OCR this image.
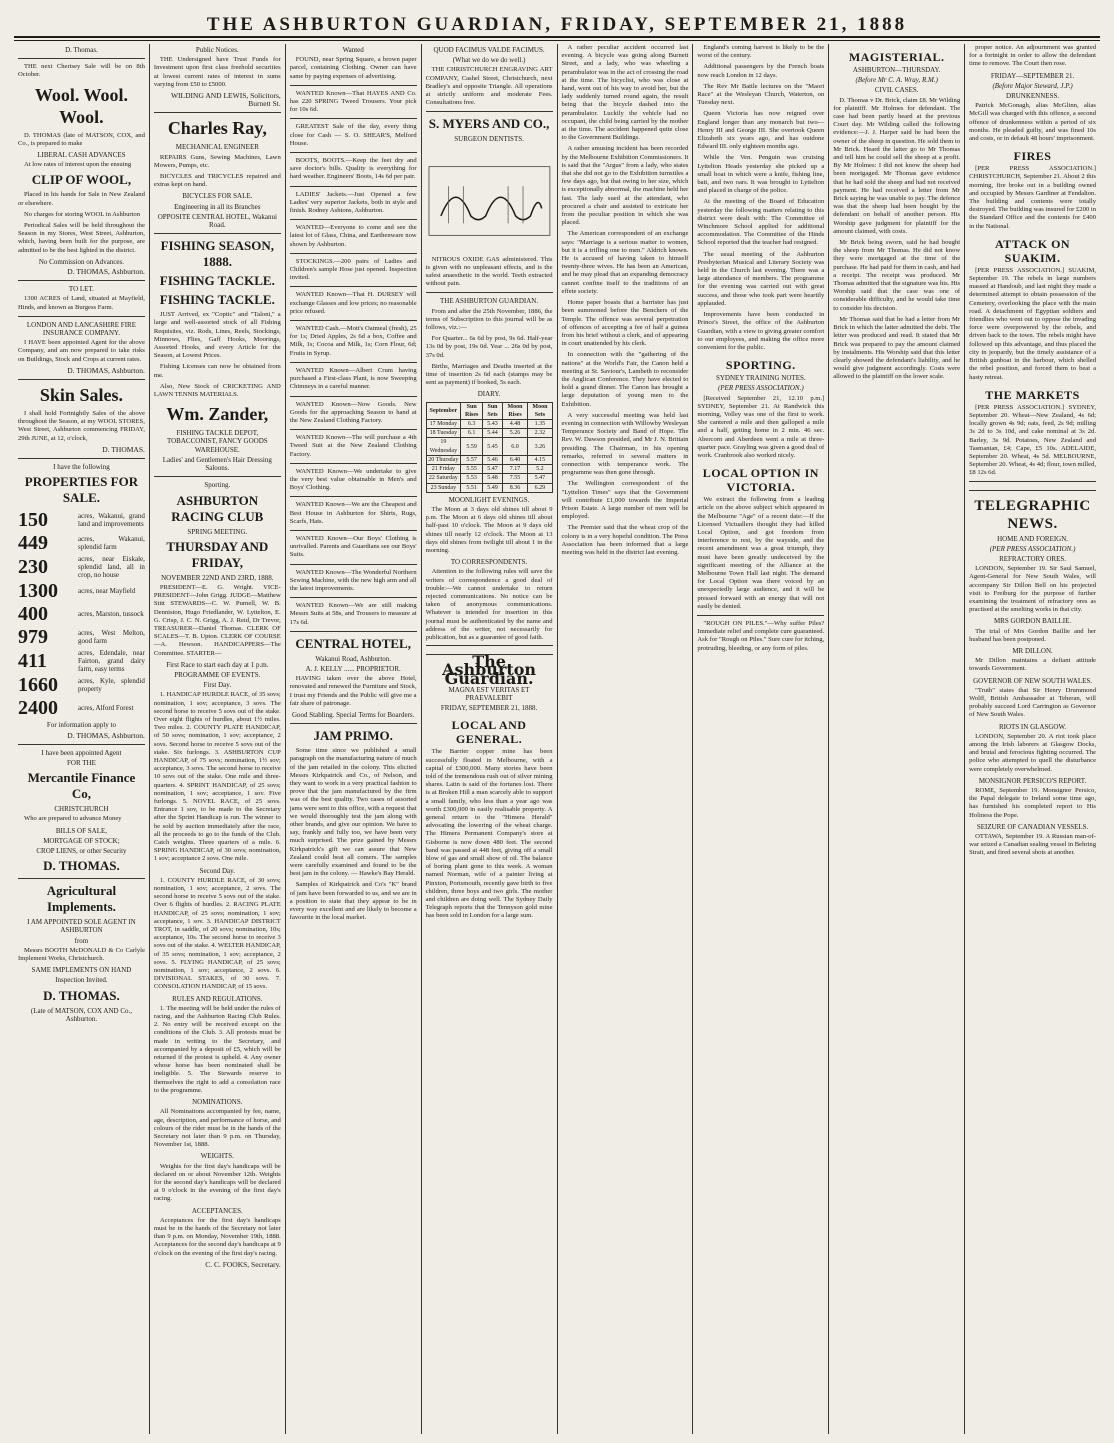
THE ASHBURTON GUARDIAN, FRIDAY, SEPTEMBER 21, 1888
D. Thomas.

THE next Chertsey Sale will be on 8th October.

Wool. Wool. Wool.

D. THOMAS (late of MATSON, COX, and Co., is prepared to make

LIBERAL CASH ADVANCES

At low rates of interest upon the ensuing

CLIP OF WOOL,

Placed in his hands for Sale in New Zealand or elsewhere.

No charges for storing WOOL in Ashburton

Periodical Sales will be held throughout the Season in my Stores, West Street, Ashburton, which, having been built for the purpose, are admitted to be the best lighted in the district.

No Commission on Advances.
D. THOMAS, Ashburton.
TO LET.

1300 ACRES of Land, situated at Mayfield, Hinds, and known as Burgess Farm.

LONDON AND LANCASHIRE FIRE INSURANCE COMPANY.

I HAVE been appointed Agent for the above Company, and am now prepared to take risks on Buildings, Stock and Crops at current rates.

D. THOMAS, Ashburton.
Skin Sales.

I shall hold Fortnightly Sales of the above throughout the Season, at my WOOL STORES, West Street, Ashburton commencing FRIDAY, 29th JUNE, at 12, o'clock,

D. THOMAS.
I have the following
PROPERTIES FOR SALE.
150	acres, Wakanui, grand land and improvements
449	acres, Wakanui, splendid farm
230	acres, near Eiskale, splendid land, all in crop, no house
1300	acres, near Mayfield
400	acres, Marston, tussock
979	acres, West Melton, good farm
411	acres, Edendale, near Fairton, grand dairy farm, easy terms
1660	acres, Kyle, splendid property
2400	acres, Alford Forest
For information apply to
D. THOMAS, Ashburton.
I have been appointed Agent
FOR THE
Mercantile Finance Co,
CHRISTCHURCH

Who are prepared to advance Money

BILLS OF SALE,
MORTGAGE OF STOCK;
CROP LIENS, or other Security
D. THOMAS.
Agricultural Implements.
I AM APPOINTED SOLE AGENT IN ASHBURTON
from

Messrs BOOTH McDONALD & Co Carlyle Implement Works, Christchurch.

SAME IMPLEMENTS ON HAND
Inspection Invited.
D. THOMAS.
(Late of MATSON, COX AND Co., Ashburton.
Public Notices.

THE Undersigned have Trust Funds for Investment upon first class freehold securities at lowest current rates of interest in sums varying from £50 to £5000.

WILDING AND LEWIS, Solicitors, Burnett St.
Charles Ray,
MECHANICAL ENGINEER

REPAIRS Guns, Sewing Machines, Lawn Mowers, Pumps, etc.

BICYCLES and TRICYCLES repaired and extras kept on hand.

BICYCLES FOR SALE.
Engineering in all its Branches
OPPOSITE CENTRAL HOTEL, Wakanui Road.
FISHING SEASON, 1888.
FISHING TACKLE.
FISHING TACKLE.

JUST Arrived, ex "Coptic" and "Taloni," a large and well-assorted stock of all Fishing Requisites, viz. Rods, Lines, Reels, Stockings, Minnows, Flies, Gaff Hooks, Moorings, Assorted Hooks, and every Article for the Season, at Lowest Prices.

Fishing Licenses can now be obtained from me.

Also, New Stock of CRICKETING AND LAWN TENNIS MATERIALS.

Wm. Zander,
FISHING TACKLE DEPOT, TOBACCONIST, FANCY GOODS WAREHOUSE.
Ladies' and Gentlemen's Hair Dressing Saloons.
Sporting.
ASHBURTON RACING CLUB
SPRING MEETING.
THURSDAY AND FRIDAY,
NOVEMBER 22ND AND 23RD, 1888.

PRESIDENT—E. G. Wright. VICE-PRESIDENT—John Grigg. JUDGE—Matthew Stitt STEWARDS—C. W. Purnell, W. B. Denniston, Hugo Friedlander, W. Lyttelton, E. G. Crisp, J. C. N. Grigg, A. J. Reid, Dr Trevor, TREASURER—Daniel Thomas. CLERK OF SCALES—T. B. Upton. CLERK OF COURSE—A. Hewson. HANDICAPPERS—The Committee. STARTER—

First Race to start each day at 1 p.m.
PROGRAMME OF EVENTS.
First Day.

1. HANDICAP HURDLE RACE, of 35 sovs; nomination, 1 sov; acceptance, 3 sovs. The second horse to receive 5 sovs out of the stake. Over eight flights of hurdles, about 1½ miles. Two miles. 2. COUNTY PLATE HANDICAP, of 50 sovs; nomination, 1 sov; acceptance, 2 sovs. Second horse to receive 5 sovs out of the stake. Six furlongs. 3. ASHBURTON CUP HANDICAP, of 75 sovs; nomination, 1½ sov; acceptance, 3 sovs. The second horse to receive 10 sovs out of the stake. One mile and three-quarters. 4. SPRINT HANDICAP, of 25 sovs; nomination, 1 sov; acceptance, 1 sov. Five furlongs. 5. NOVEL RACE, of 25 sovs. Entrance 1 sov, to be made to the Secretary after the Sprint Handicap is run. The winner to be sold by auction immediately after the race, all the proceeds to go to the funds of the Club. Catch weights. Three quarters of a mile. 6. SPRING HANDICAP, of 30 sovs; nomination, 1 sov; acceptance 2 sovs. One mile.

Second Day.

1. COUNTY HURDLE RACE, of 30 sovs; nomination, 1 sov; acceptance, 2 sovs. The second horse to receive 5 sovs out of the stake. Over 6 flights of hurdles. 2. RACING PLATE HANDICAP, of 25 sovs; nomination, 1 sov; acceptance, 1 sov. 3. HANDICAP DISTRICT TROT, in saddle, of 20 sovs; nomination, 10s; acceptance, 10s. The second horse to receive 3 sovs out of the stake. 4. WELTER HANDICAP, of 35 sovs; nomination, 1 sov; acceptance, 2 sovs. 5. FLYING HANDICAP, of 25 sovs; nomination, 1 sov; acceptance, 2 sovs. 6. DIVISIONAL STAKES, of 30 sovs. 7. CONSOLATION HANDICAP, of 15 sovs.

RULES AND REGULATIONS.

1. The meeting will be held under the rules of racing, and the Ashburton Racing Club Rules. 2. No entry will be received except on the conditions of the Club. 3. All protests must be made in writing to the Secretary, and accompanied by a deposit of £5, which will be returned if the protest is upheld. 4. Any owner whose horse has been nominated shall be ineligible. 5. The Stewards reserve to themselves the right to add a consolation race to the programme.

NOMINATIONS.

All Nominations accompanied by fee, name, age, description, and performance of horse, and colours of the rider must be in the hands of the Secretary not later than 9 p.m. on Thursday, November 1st, 1888.

WEIGHTS.

Weights for the first day's handicaps will be declared on or about November 12th. Weights for the second day's handicaps will be declared at 9 o'clock in the evening of the first day's racing.

ACCEPTANCES.

Acceptances for the first day's handicaps must be in the hands of the Secretary not later than 9 p.m. on Monday, November 19th, 1888. Acceptances for the second day's handicaps at 9 o'clock on the evening of the first day's racing.

C. C. FOOKS, Secretary.
Wanted

FOUND, near Spring Square, a brown paper parcel, containing Clothing. Owner can have same by paying expenses of advertising.

WANTED Known—That HAYES AND Co. has 220 SPRING Tweed Trousers. Your pick for 10s 6d.

GREATEST Sale of the day, every thing close for Cash — S. O. SHEAR'S, Melford House.

BOOTS, BOOTS.—Keep the feet dry and save doctor's bills. Quality is everything for hard weather. Engineers' Boots, 14s 6d per pair.

LADIES' Jackets.—Just Opened a few Ladies' very superior Jackets, both in style and finish. Rodney Ashtons, Ashburton.

WANTED—Everyone to come and see the latest lot of Glass, China, and Earthenware now shown by Ashburton.

STOCKINGS.—200 pairs of Ladies and Children's sample Hose just opened. Inspection invited.

WANTED Known—That H. DURSEY will exchange Glasses and low prices; no reasonable price refused.

WANTED Cash.—Mott's Oatmeal (fresh), 25 for 1s; Dried Apples, 2s 6d a box, Coffee and Milk, 1s; Cocoa and Milk, 1s; Corn Flour, 6d; Fruits in Syrup.

WANTED Known—Albert Crum having purchased a First-class Plant, is now Sweeping Chimneys in a careful manner.

WANTED Known—Now Goods. New Goods for the approaching Season to hand at the New Zealand Clothing Factory.

WANTED Known—The will purchase a 4th Tweed Suit at the New Zealand Clothing Factory.

WANTED Known—We undertake to give the very best value obtainable in Men's and Boys' Clothing.

WANTED Known—We are the Cheapest and Best House in Ashburton for Shirts, Rugs, Scarfs, Hats.

WANTED Known—Our Boys' Clothing is unrivalled. Parents and Guardians see our Boys' Suits.

WANTED Known—The Wonderful Northern Sewing Machine, with the new high arm and all the latest improvements.

WANTED Known—We are still making Messrs Suits at 58s, and Trousers to measure at 17s 6d.

CENTRAL HOTEL,
Wakanui Road, Ashburton.
A. J. KELLY ...... PROPRIETOR.

HAVING taken over the above Hotel, renovated and renewed the Furniture and Stock, I trust my Friends and the Public will give me a fair share of patronage.

Good Stabling. Special Terms for Boarders.
JAM PRIMO.

Some time since we published a small paragraph on the manufacturing nature of much of the jam retailed in the colony. This elicited Messrs Kirkpatrick and Co., of Nelson, and they want to work in a very practical fashion to prove that the jam manufactured by the firm was of the best quality. Two cases of assorted jams were sent to this office, with a request that we would thoroughly test the jam along with other brands, and give our opinion. We have to say, frankly and fully too, we have been very much surprised. The prize gained by Messrs Kirkpatrick's gift we can assure that New Zealand could beat all comers. The samples were carefully examined and found to be the best jam in the colony. — Hawke's Bay Herald.

Samples of Kirkpatrick and Co's "K" brand of jam have been forwarded to us, and we are in a position to state that they appear to be in every way excellent and are likely to become a favourite in the local market.

QUOD FACIMUS VALDE FACIMUS.
(What we do we do well.)

THE CHRISTCHURCH ENGRAVING ART COMPANY, Cashel Street, Christchurch, next Bradley's and opposite Triangle. All operations at strictly uniform and moderate Fees. Consultations free.

S. MYERS AND CO.,
SURGEON DENTISTS.

NITROUS OXIDE GAS administered. This is given with no unpleasant effects, and is the safest anaesthetic in the world. Teeth extracted without pain.

THE ASHBURTON GUARDIAN.

From and after the 25th November, 1886, the terms of Subscription to this journal will be as follows, viz.:—

For Quarter... 6s 6d by post, 9s 6d. Half-year 13s 0d by post, 19s 0d. Year ... 26s 0d by post, 37s 0d.

Births, Marriages and Deaths inserted at the time of insertion 2s 6d each (stamps may be sent as payment) if booked, 5s each.

DIARY.
September	Sun Rises	Sun Sets	Moon Rises	Moon Sets
17 Monday	6.3	5.43	4.48	1.35
18 Tuesday	6.1	5.44	5.26	2.32
19 Wednesday	5.59	5.45	6.0	3.26
20 Thursday	5.57	5.46	6.40	4.15
21 Friday	5.55	5.47	7.17	5.2
22 Saturday	5.53	5.48	7.55	5.47
23 Sunday	5.51	5.49	8.36	6.29
MOONLIGHT EVENINGS.

The Moon at 3 days old shines till about 9 p.m. The Moon at 6 days old shines till about half-past 10 o'clock. The Moon at 9 days old shines till nearly 12 o'clock. The Moon at 13 days old shines from twilight till about 1 in the morning.

TO CORRESPONDENTS.

Attention to the following rules will save the writers of correspondence a good deal of trouble:—We cannot undertake to return rejected communications. No notice can be taken of anonymous communications. Whatever is intended for insertion in this journal must be authenticated by the name and address of the writer, not necessarily for publication, but as a guarantee of good faith.

The Ashburton Guardian.
MAGNA EST VERITAS ET PRAEVALEBIT
FRIDAY, SEPTEMBER 21, 1888.
LOCAL AND GENERAL.

The Barrier copper mine has been successfully floated in Melbourne, with a capital of £300,000. Many stories have been told of the tremendous rush out of silver mining shares. Latin is said of the fortunes lost. There is at Broken Hill a man scarcely able to support a small family, who less than a year ago was worth £300,000 in easily realisable property. A general return to the "Himera Herald" advocating the lowering of the wheat charge. The Himera Permanent Company's store at Gisborne is now down 480 feet. The second band was passed at 448 feet, giving off a small blow of gas and small show of oil. The balance of boring plant gone to this week. A woman named Norman, wife of a painter living at Pinxton, Portsmouth, recently gave birth to five children, three boys and two girls. The mother and children are doing well. The Sydney Daily Telegraph reports that the Tennyson gold mine has been sold in London for a large sum.

A rather peculiar accident occurred last evening. A bicycle was going along Burnett Street, and a lady, who was wheeling a perambulator was in the act of crossing the road at the time. The bicyclist, who was close at hand, went out of his way to avoid her, but the lady suddenly turned round again, the result being that the bicycle dashed into the perambulator. Luckily the vehicle had no occupant, the child being carried by the mother at the time. The accident happened quite close to the Government Buildings.

A rather amusing incident has been recorded by the Melbourne Exhibition Commissioners. It is said that the "Argus" from a lady, who states that she did not go to the Exhibition turnstiles a few days ago, but that owing to her size, which is exceptionally abnormal, the machine held her fast. The lady sued at the attendant, who procured a chair and assisted to extricate her from the peculiar position in which she was placed.

The American correspondent of an exchange says: "Marriage is a serious matter to women, but it is a trifling one to men." Aldrich known. He is accused of having taken to himself twenty-three wives. He has been an American, and he may plead that an expanding democracy cannot confine itself to the traditions of an effete society.

Home paper boasts that a barrister has just been summoned before the Benchers of the Temple. The offence was several perpetration of offences of accepting a fee of half a guinea from his brief without a clerk, and of appearing in court unattended by his clerk.

In connection with the "gathering of the nations" at the World's Fair, the Canon held a meeting at St. Saviour's, Lambeth to reconsider the Anglican Conference. They have elected to hold a grand dinner. The Canon has brought a large deputation of young men to the Exhibition.

A very successful meeting was held last evening in connection with Willowby Wesleyan Temperance Society and Band of Hope. The Rev. W. Dawson presided, and Mr J. N. Brittain presiding. The Chairman, in his opening remarks, referred to several matters in connection with temperance work. The programme was then gone through.

The Wellington correspondent of the "Lyttelton Times" says that the Government will contribute £1,000 towards the Imperial Prison Estate. A large number of men will be employed.

The Premier said that the wheat crop of the colony is in a very hopeful condition. The Press Association has been informed that a large meeting was held in the district last evening.

England's coming harvest is likely to be the worst of the century.

Additional passengers by the French boats now reach London in 12 days.

The Rev Mr Battle lectures on the "Maori Race" at the Wesleyan Church, Waterton, on Tuesday next.

Queen Victoria has now reigned over England longer than any monarch but two—Henry III and George III. She overtook Queen Elizabeth six years ago, and has outdone Edward III. only eighteen months ago.

While the Ven. Penguin was cruising Lyttelton Heads yesterday she picked up a small boat in which were a knife, fishing line, bait, and two oars. It was brought to Lyttelton and placed in charge of the police.

At the meeting of the Board of Education yesterday the following matters relating to this district were dealt with: The Committee of Winchmore School applied for additional accommodation. The Committee of the Hinds School reported that the teacher had resigned.

The usual meeting of the Ashburton Presbyterian Musical and Literary Society was held in the Church last evening. There was a large attendance of members. The programme for the evening was carried out with great success, and those who took part were heartily applauded.

Improvements have been conducted in Prince's Street, the office of the Ashburton Guardian, with a view to giving greater comfort to our employees, and making the office more convenient for the public.

SPORTING.
SYDNEY TRAINING NOTES.
(PER PRESS ASSOCIATION.)

[Received September 21, 12.10 p.m.] SYDNEY, September 21. At Randwick this morning, Volley was one of the first to work. She cantered a mile and then galloped a mile and a half, getting home in 2 min. 46 sec. Abercorn and Aberdeen went a mile at three-quarter pace. Grayling was given a good deal of work. Cranbrook also worked nicely.

LOCAL OPTION IN VICTORIA.

We extract the following from a leading article on the above subject which appeared in the Melbourne "Age" of a recent date:—If the Licensed Victuallers thought they had killed Local Option, and got freedom from interference to rest, by the wayside, and the recent amendment was a great triumph, they must have been greatly undeceived by the significant meeting of the Alliance at the Melbourne Town Hall last night. The demand for Local Option was there voiced by an unexpectedly large audience, and it will be pressed forward with an energy that will not easily be denied.

"ROUGH ON PILES."—Why suffer Piles? Immediate relief and complete cure guaranteed. Ask for "Rough on Piles." Sure cure for itching, protruding, bleeding, or any form of piles.

MAGISTERIAL.
ASHBURTON—THURSDAY.
(Before Mr C. A. Wray, R.M.)
CIVIL CASES.

D. Thomas v Dr. Brick, claim £8. Mr Wilding for plaintiff. Mr Holmes for defendant. The case had been partly heard at the previous Court day. Mr Wilding called the following evidence:—J. J. Harper said he had been the owner of the sheep in question. He sold them to Mr Brick. Heard the latter go to Mr Thomas and tell him he could sell the sheep at a profit. By Mr Holmes: I did not know the sheep had been mortgaged. Mr Thomas gave evidence that he had sold the sheep and had not received payment. He had received a letter from Mr Brick saying he was unable to pay. The defence was that the sheep had been bought by the defendant on behalf of another person. His Worship gave judgment for plaintiff for the amount claimed, with costs.

Mr Brick being sworn, said he had bought the sheep from Mr Thomas. He did not know they were mortgaged at the time of the purchase. He had paid for them in cash, and had a receipt. The receipt was produced. Mr Thomas admitted that the signature was his. His Worship said that the case was one of considerable difficulty, and he would take time to consider his decision.

Mr Thomas said that he had a letter from Mr Brick in which the latter admitted the debt. The letter was produced and read. It stated that Mr Brick was prepared to pay the amount claimed by instalments. His Worship said that this letter clearly showed the defendant's liability, and he would give judgment accordingly. Costs were allowed to the plaintiff on the lower scale.

proper notice. An adjournment was granted for a fortnight in order to allow the defendant time to remove. The Court then rose.

FRIDAY—SEPTEMBER 21.
(Before Major Steward, J.P.)
DRUNKENNESS.

Patrick McGonagh, alias McGlinn, alias McGill was charged with this offence, a second offence of drunkenness within a period of six months. He pleaded guilty, and was fined 10s and costs, or in default 48 hours' imprisonment.

FIRES

[PER PRESS ASSOCIATION.] CHRISTCHURCH, September 21. About 2 this morning, fire broke out in a building owned and occupied by Messrs Gardiner at Fendalton. The building and contents were totally destroyed. The building was insured for £200 in the Standard Office and the contents for £400 in the National.

ATTACK ON SUAKIM.

[PER PRESS ASSOCIATION.] SUAKIM, September 19. The rebels in large numbers massed at Handoub, and last night they made a determined attempt to obtain possession of the Cemetery, overlooking the place with the main road. A detachment of Egyptian soldiers and friendlies who went out to oppose the invading force were overpowered by the rebels, and driven back to the town. The rebels might have followed up this advantage, and thus placed the city in jeopardy, but the timely assistance of a British gunboat in the harbour, which shelled the rebel position, and forced them to beat a hasty retreat.

THE MARKETS

[PER PRESS ASSOCIATION.] SYDNEY, September 20. Wheat—New Zealand, 4s 6d; locally grown 4s 9d; oats, feed, 2s 9d; milling 3s 2d to 3s 10d, and cake nominal at 3s 2d. Barley, 3s 9d. Potatoes, New Zealand and Tasmanian, £4; Cape, £5 10s. ADELAIDE, September 20. Wheat, 4s 5d. MELBOURNE, September 20. Wheat, 4s 4d; flour, town milled, £8 12s 6d.

TELEGRAPHIC NEWS.
HOME AND FOREIGN.
(PER PRESS ASSOCIATION.)
REFRACTORY ORES.

LONDON, September 19. Sir Saul Samuel, Agent-General for New South Wales, will accompany Sir Dillon Bell on his projected visit to Freiburg for the purpose of further examining the treatment of refractory ores as practised at the smelting works in that city.

MRS GORDON BAILLIE.

The trial of Mrs Gordon Baillie and her husband has been postponed.

MR DILLON.

Mr Dillon maintains a defiant attitude towards Government.

GOVERNOR OF NEW SOUTH WALES.

"Truth" states that Sir Henry Drummond Wolff, British Ambassador at Teheran, will probably succeed Lord Carrington as Governor of New South Wales.

RIOTS IN GLASGOW.

LONDON, September 20. A riot took place among the Irish laborers at Glasgow Docks, and brutal and ferocious fighting occurred. The police who attempted to quell the disturbance were completely overwhelmed.

MONSIGNOR PERSICO'S REPORT.

ROME, September 19. Monsignor Persico, the Papal delegate to Ireland some time ago, has furnished his completed report to His Holiness the Pope.

SEIZURE OF CANADIAN VESSELS.

OTTAWA, September 19. A Russian man-of-war seized a Canadian sealing vessel in Behring Strait, and fired several shots at another.
